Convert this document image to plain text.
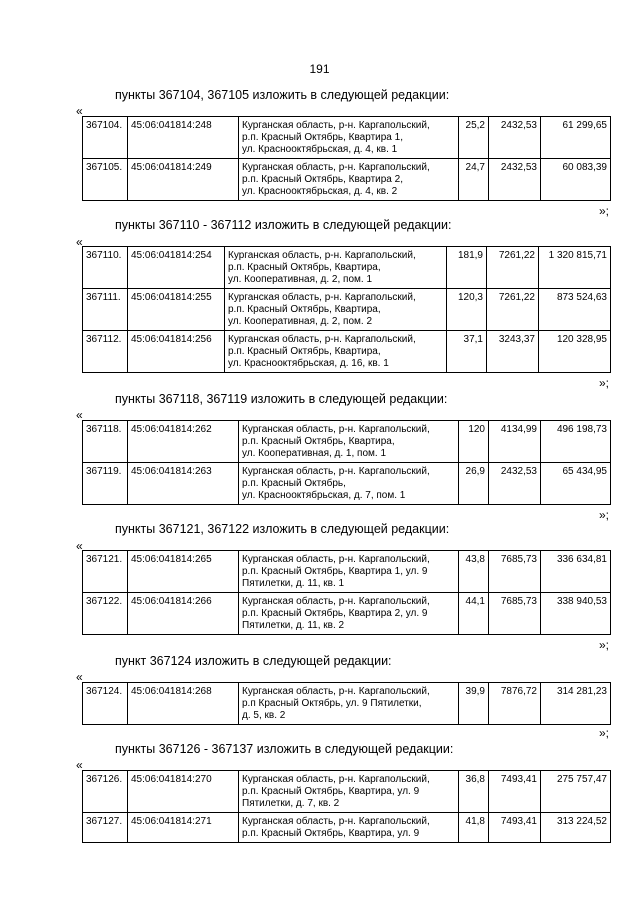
191
пункты 367104, 367105 изложить в следующей редакции:
«
367104.	45:06:041814:248	Курганская область, р-н. Каргапольский,
р.п. Красный Октябрь, Квартира 1,
ул. Краснооктябрьская, д. 4, кв. 1	25,2	2432,53	61 299,65
367105.	45:06:041814:249	Курганская область, р-н. Каргапольский,
р.п. Красный Октябрь, Квартира 2,
ул. Краснооктябрьская, д. 4, кв. 2	24,7	2432,53	60 083,39
»;
пункты 367110 - 367112 изложить в следующей редакции:
«
367110.	45:06:041814:254	Курганская область, р-н. Каргапольский,
р.п. Красный Октябрь, Квартира,
ул. Кооперативная, д. 2, пом. 1	181,9	7261,22	1 320 815,71
367111.	45:06:041814:255	Курганская область, р-н. Каргапольский,
р.п. Красный Октябрь, Квартира,
ул. Кооперативная, д. 2, пом. 2	120,3	7261,22	873 524,63
367112.	45:06:041814:256	Курганская область, р-н. Каргапольский,
р.п. Красный Октябрь, Квартира,
ул. Краснооктябрьская, д. 16, кв. 1	37,1	3243,37	120 328,95
»;
пункты 367118, 367119 изложить в следующей редакции:
«
367118.	45:06:041814:262	Курганская область, р-н. Каргапольский,
р.п. Красный Октябрь, Квартира,
ул. Кооперативная, д. 1, пом. 1	120	4134,99	496 198,73
367119.	45:06:041814:263	Курганская область, р-н. Каргапольский,
р.п. Красный Октябрь,
ул. Краснооктябрьская, д. 7, пом. 1	26,9	2432,53	65 434,95
»;
пункты 367121, 367122 изложить в следующей редакции:
«
367121.	45:06:041814:265	Курганская область, р-н. Каргапольский,
р.п. Красный Октябрь, Квартира 1, ул. 9
Пятилетки, д. 11, кв. 1	43,8	7685,73	336 634,81
367122.	45:06:041814:266	Курганская область, р-н. Каргапольский,
р.п. Красный Октябрь, Квартира 2, ул. 9
Пятилетки, д. 11, кв. 2	44,1	7685,73	338 940,53
»;
пункт 367124 изложить в следующей редакции:
«
367124.	45:06:041814:268	Курганская область, р-н. Каргапольский,
р.п Красный Октябрь, ул. 9 Пятилетки,
д. 5, кв. 2
	39,9	7876,72	314 281,23
»;
пункты 367126 - 367137 изложить в следующей редакции:
«
367126.	45:06:041814:270	Курганская область, р-н. Каргапольский,
р.п. Красный Октябрь, Квартира, ул. 9
Пятилетки, д. 7, кв. 2	36,8	7493,41	275 757,47
367127.	45:06:041814:271	Курганская область, р-н. Каргапольский,
р.п. Красный Октябрь, Квартира, ул. 9	41,8	7493,41	313 224,52
